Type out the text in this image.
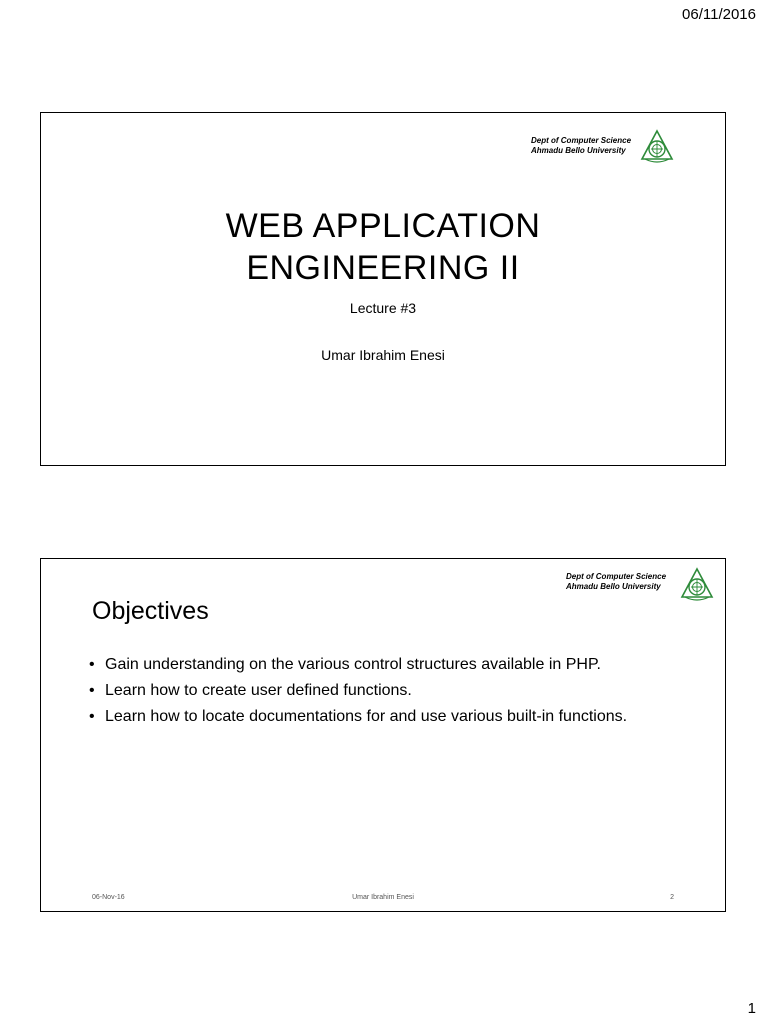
06/11/2016
Dept of Computer Science
Ahmadu Bello University
WEB APPLICATION
ENGINEERING II
Lecture #3
Umar Ibrahim Enesi
Dept of Computer Science
Ahmadu Bello University
Objectives
• Gain understanding on the various control structures available in PHP.
• Learn how to create user defined functions.
• Learn how to locate documentations for and use various built-in functions.
06-Nov-16	Umar Ibrahim Enesi	2
1
